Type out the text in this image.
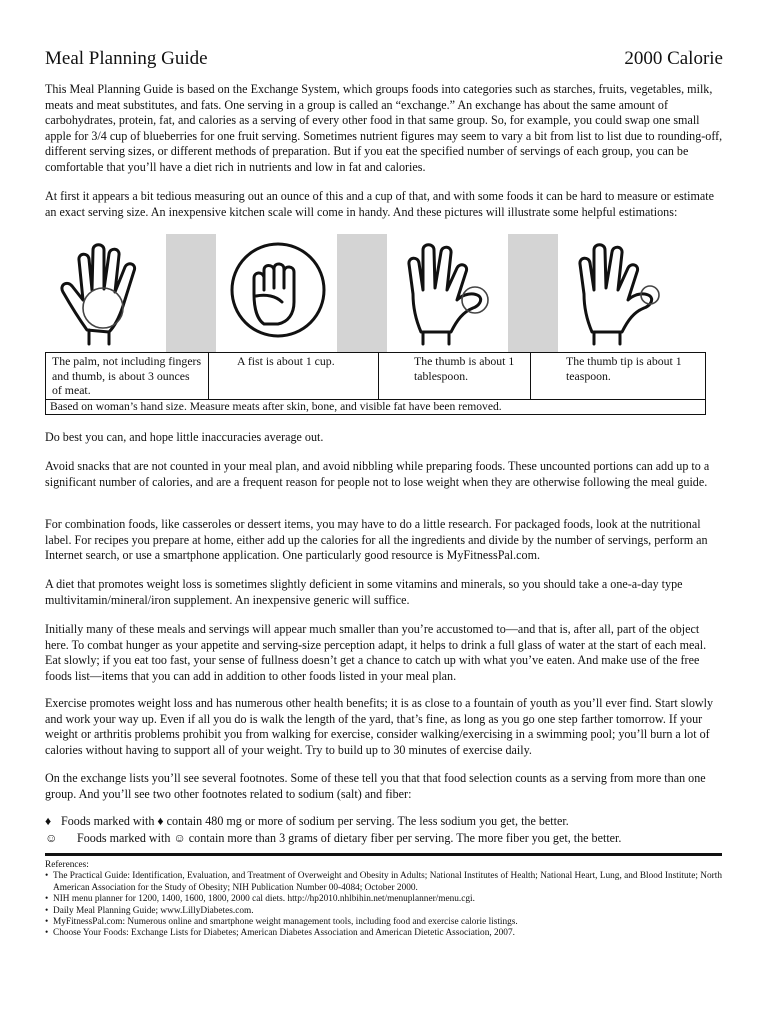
Meal Planning Guide	2000 Calorie

This Meal Planning Guide is based on the Exchange System, which groups foods into categories such as starches, fruits, vegetables, milk, meats and meat substitutes, and fats. One serving in a group is called an “exchange.” An exchange has about the same amount of carbohydrates, protein, fat, and calories as a serving of every other food in that same group. So, for example, you could swap one small apple for 3/4 cup of blueberries for one fruit serving. Sometimes nutrient figures may seem to vary a bit from list to list due to rounding-off, different serving sizes, or different methods of preparation. But if you eat the specified number of servings of each group, you can be comfortable that you’ll have a diet rich in nutrients and low in fat and calories.

At first it appears a bit tedious measuring out an ounce of this and a cup of that, and with some foods it can be hard to measure or estimate an exact serving size. An inexpensive kitchen scale will come in handy. And these pictures will illustrate some helpful estimations:

The palm, not including fingers and thumb, is about 3 ounces of meat.	A fist is about 1 cup.	The thumb is about 1 tablespoon.	The thumb tip is about 1 teaspoon.
Based on woman’s hand size. Measure meats after skin, bone, and visible fat have been removed.

Do best you can, and hope little inaccuracies average out.

Avoid snacks that are not counted in your meal plan, and avoid nibbling while preparing foods. These uncounted portions can add up to a significant number of calories, and are a frequent reason for people not to lose weight when they are otherwise following the meal guide.

For combination foods, like casseroles or dessert items, you may have to do a little research. For packaged foods, look at the nutritional label. For recipes you prepare at home, either add up the calories for all the ingredients and divide by the number of servings, perform an Internet search, or use a smartphone application. One particularly good resource is MyFitnessPal.com.

A diet that promotes weight loss is sometimes slightly deficient in some vitamins and minerals, so you should take a one-a-day type multivitamin/mineral/iron supplement. An inexpensive generic will suffice.

Initially many of these meals and servings will appear much smaller than you’re accustomed to—and that is, after all, part of the object here. To combat hunger as your appetite and serving-size perception adapt, it helps to drink a full glass of water at the start of each meal. Eat slowly; if you eat too fast, your sense of fullness doesn’t get a chance to catch up with what you’ve eaten. And make use of the free foods list—items that you can add in addition to other foods listed in your meal plan.

Exercise promotes weight loss and has numerous other health benefits; it is as close to a fountain of youth as you’ll ever find. Start slowly and work your way up. Even if all you do is walk the length of the yard, that’s fine, as long as you go one step farther tomorrow. If your weight or arthritis problems prohibit you from walking for exercise, consider walking/exercising in a swimming pool; you’ll burn a lot of calories without having to support all of your weight. Try to build up to 30 minutes of exercise daily.

On the exchange lists you’ll see several footnotes. Some of these tell you that that food selection counts as a serving from more than one group. And you’ll see two other footnotes related to sodium (salt) and fiber:

♦ Foods marked with ♦ contain 480 mg or more of sodium per serving. The less sodium you get, the better.
☺ Foods marked with ☺ contain more than 3 grams of dietary fiber per serving. The more fiber you get, the better.

References:

• The Practical Guide: Identification, Evaluation, and Treatment of Overweight and Obesity in Adults; National Institutes of Health; National Heart, Lung, and Blood Institute; North American Association for the Study of Obesity; NIH Publication Number 00-4084; October 2000.

• NIH menu planner for 1200, 1400, 1600, 1800, 2000 cal diets. http://hp2010.nhlbihin.net/menuplanner/menu.cgi.

• Daily Meal Planning Guide; www.LillyDiabetes.com.

• MyFitnessPal.com: Numerous online and smartphone weight management tools, including food and exercise calorie listings.

• Choose Your Foods: Exchange Lists for Diabetes; American Diabetes Association and American Dietetic Association, 2007.
